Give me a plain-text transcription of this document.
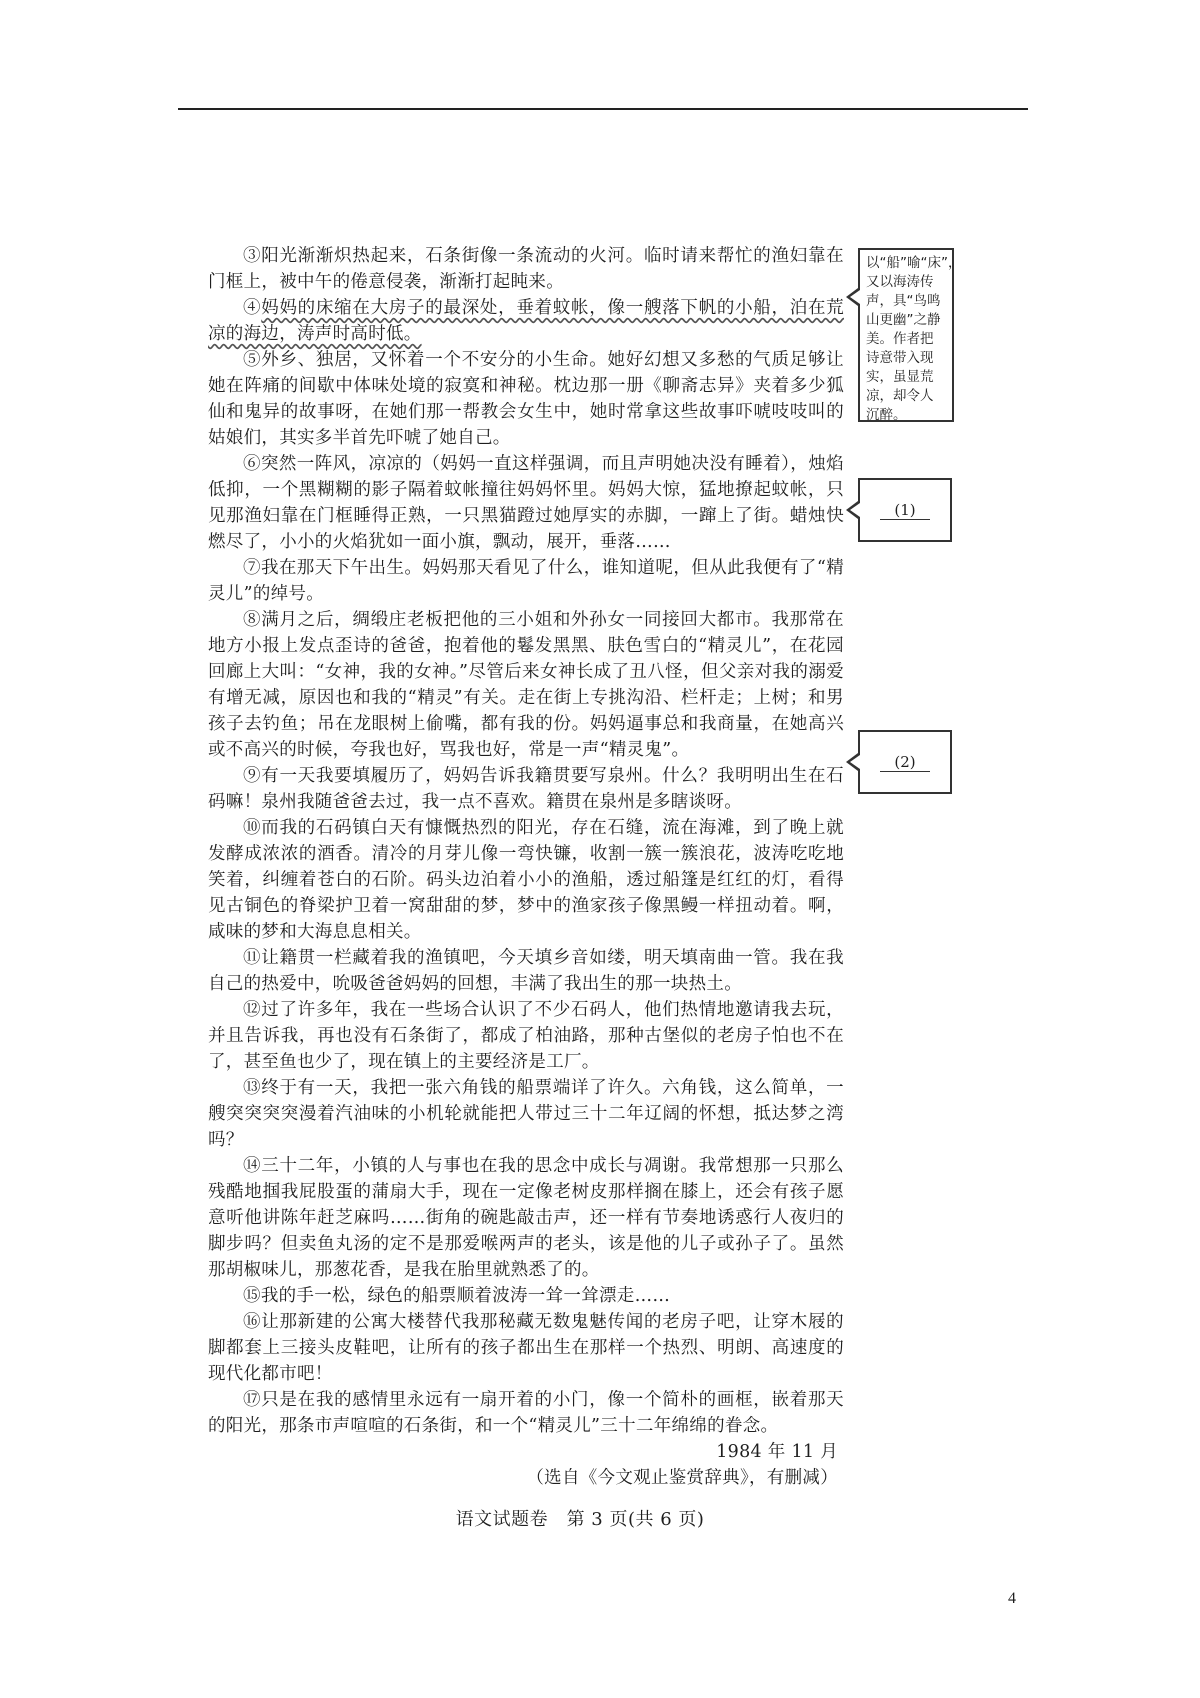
③阳光渐渐炽热起来，石条街像一条流动的火河。临时请来帮忙的渔妇靠在门框上，被中午的倦意侵袭，渐渐打起盹来。

④妈妈的床缩在大房子的最深处，垂着蚊帐，像一艘落下帆的小船，泊在荒凉的海边，涛声时高时低。

⑤外乡、独居，又怀着一个不安分的小生命。她好幻想又多愁的气质足够让她在阵痛的间歇中体味处境的寂寞和神秘。枕边那一册《聊斋志异》夹着多少狐仙和鬼异的故事呀，在她们那一帮教会女生中，她时常拿这些故事吓唬吱吱叫的姑娘们，其实多半首先吓唬了她自己。

⑥突然一阵风，凉凉的（妈妈一直这样强调，而且声明她决没有睡着），烛焰低抑，一个黑糊糊的影子隔着蚊帐撞往妈妈怀里。妈妈大惊，猛地撩起蚊帐，只见那渔妇靠在门框睡得正熟，一只黑猫蹬过她厚实的赤脚，一蹿上了街。蜡烛快燃尽了，小小的火焰犹如一面小旗，飘动，展开，垂落……

⑦我在那天下午出生。妈妈那天看见了什么，谁知道呢，但从此我便有了“精灵儿”的绰号。

⑧满月之后，绸缎庄老板把他的三小姐和外孙女一同接回大都市。我那常在地方小报上发点歪诗的爸爸，抱着他的鬈发黑黑、肤色雪白的“精灵儿”，在花园回廊上大叫：“女神，我的女神。”尽管后来女神长成了丑八怪，但父亲对我的溺爱有增无减，原因也和我的“精灵”有关。走在街上专挑沟沿、栏杆走；上树；和男孩子去钓鱼；吊在龙眼树上偷嘴，都有我的份。妈妈逼事总和我商量，在她高兴或不高兴的时候，夸我也好，骂我也好，常是一声“精灵鬼”。

⑨有一天我要填履历了，妈妈告诉我籍贯要写泉州。什么？我明明出生在石码嘛！泉州我随爸爸去过，我一点不喜欢。籍贯在泉州是多瞎谈呀。

⑩而我的石码镇白天有慷慨热烈的阳光，存在石缝，流在海滩，到了晚上就发酵成浓浓的酒香。清冷的月芽儿像一弯快镰，收割一簇一簇浪花，波涛吃吃地笑着，纠缠着苍白的石阶。码头边泊着小小的渔船，透过船篷是红红的灯，看得见古铜色的脊梁护卫着一窝甜甜的梦，梦中的渔家孩子像黑鳗一样扭动着。啊，咸味的梦和大海息息相关。

⑪让籍贯一栏藏着我的渔镇吧，今天填乡音如缕，明天填南曲一管。我在我自己的热爱中，吮吸爸爸妈妈的回想，丰满了我出生的那一块热土。

⑫过了许多年，我在一些场合认识了不少石码人，他们热情地邀请我去玩，并且告诉我，再也没有石条街了，都成了柏油路，那种古堡似的老房子怕也不在了，甚至鱼也少了，现在镇上的主要经济是工厂。

⑬终于有一天，我把一张六角钱的船票端详了许久。六角钱，这么简单，一艘突突突突漫着汽油味的小机轮就能把人带过三十二年辽阔的怀想，抵达梦之湾吗？

⑭三十二年，小镇的人与事也在我的思念中成长与凋谢。我常想那一只那么残酷地掴我屁股蛋的蒲扇大手，现在一定像老树皮那样搁在膝上，还会有孩子愿意听他讲陈年赶芝麻吗……街角的碗匙敲击声，还一样有节奏地诱惑行人夜归的脚步吗？但卖鱼丸汤的定不是那爱喉两声的老头，该是他的儿子或孙子了。虽然那胡椒味儿，那葱花香，是我在胎里就熟悉了的。

⑮我的手一松，绿色的船票顺着波涛一耸一耸漂走……

⑯让那新建的公寓大楼替代我那秘藏无数鬼魅传闻的老房子吧，让穿木屐的脚都套上三接头皮鞋吧，让所有的孩子都出生在那样一个热烈、明朗、高速度的现代化都市吧！

⑰只是在我的感情里永远有一扇开着的小门，像一个简朴的画框，嵌着那天的阳光，那条市声喧喧的石条街，和一个“精灵儿”三十二年绵绵的眷念。

1984 年 11 月

（选自《今文观止鉴赏辞典》，有删减）

以“船”喻“床”，又以海涛传声，具“鸟鸣山更幽”之静美。作者把诗意带入现实，虽显荒凉，却令人沉醉。
(1)
(2)
语文试题卷　第 3 页(共 6 页)
4
